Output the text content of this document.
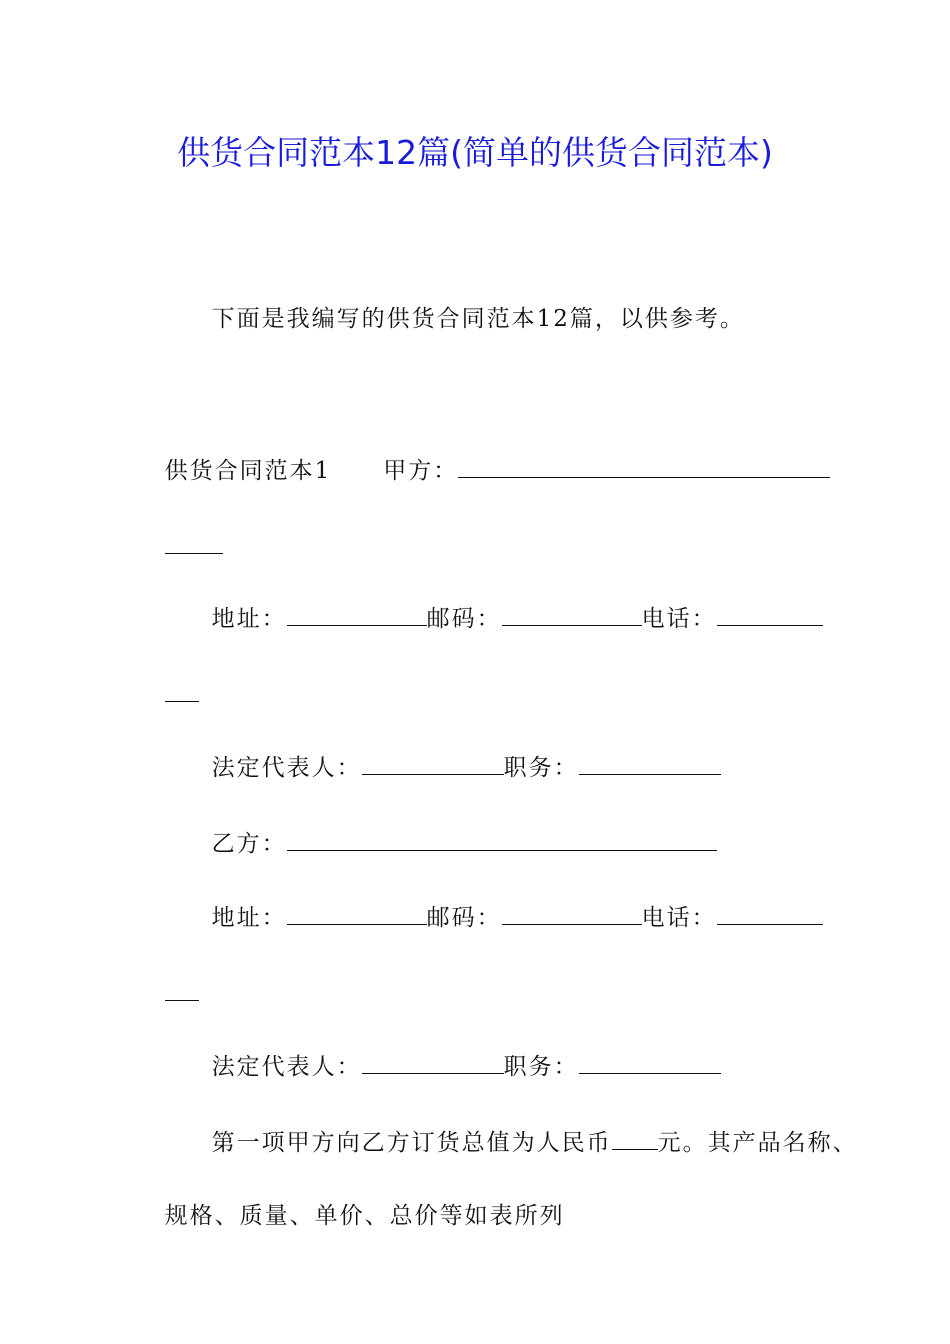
供货合同范本12篇(简单的供货合同范本)

下面是我编写的供货合同范本12篇，以供参考。

供货合同范本1 甲方：

地址：	邮码：	电话：

法定代表人：	职务：

乙方：

地址：	邮码：	电话：

法定代表人：	职务：

第一项甲方向乙方订货总值为人民币 元。其产品名称、

规格、质量、单价、总价等如表所列
